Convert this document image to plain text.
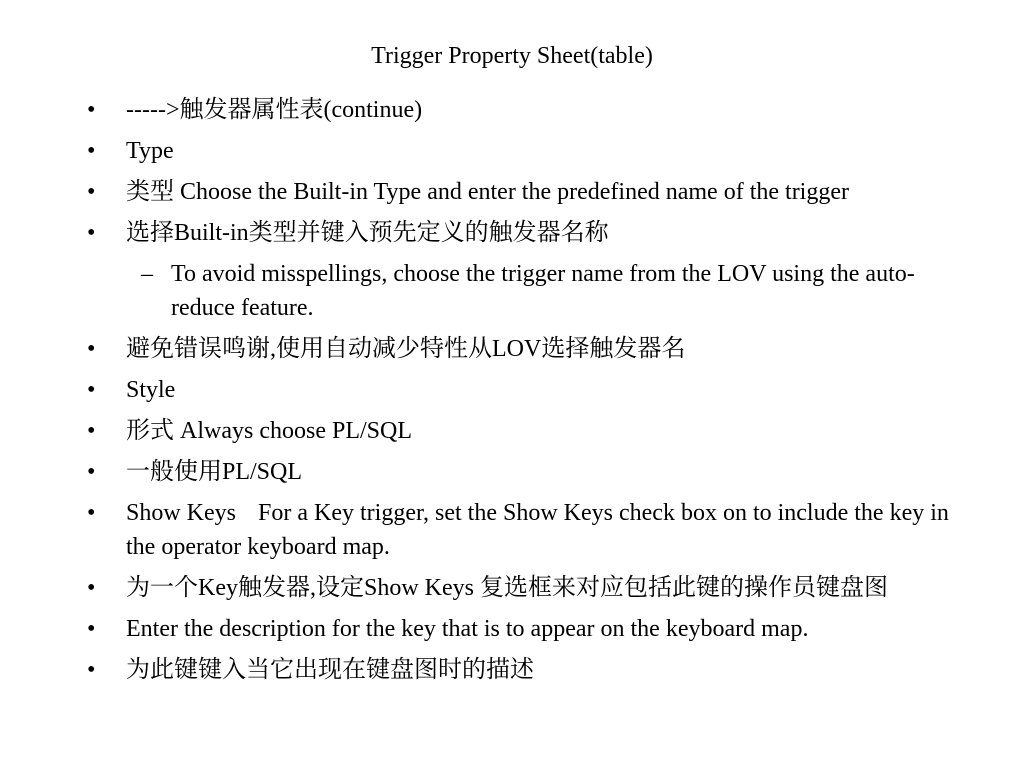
Trigger Property Sheet(table)
• ----->触发器属性表(continue)
• Type
• 类型 Choose the Built-in Type and enter the predefined name of the trigger
• 选择Built-in类型并键入预先定义的触发器名称
– To avoid misspellings, choose the trigger name from the LOV using the auto-reduce feature.
• 避免错误鸣谢,使用自动减少特性从LOV选择触发器名
• Style
• 形式 Always choose PL/SQL
• 一般使用PL/SQL
• Show Keys For a Key trigger, set the Show Keys check box on to include the key in the operator keyboard map.
• 为一个Key触发器,设定Show Keys 复选框来对应包括此键的操作员键盘图
• Enter the description for the key that is to appear on the keyboard map.
• 为此键键入当它出现在键盘图时的描述
